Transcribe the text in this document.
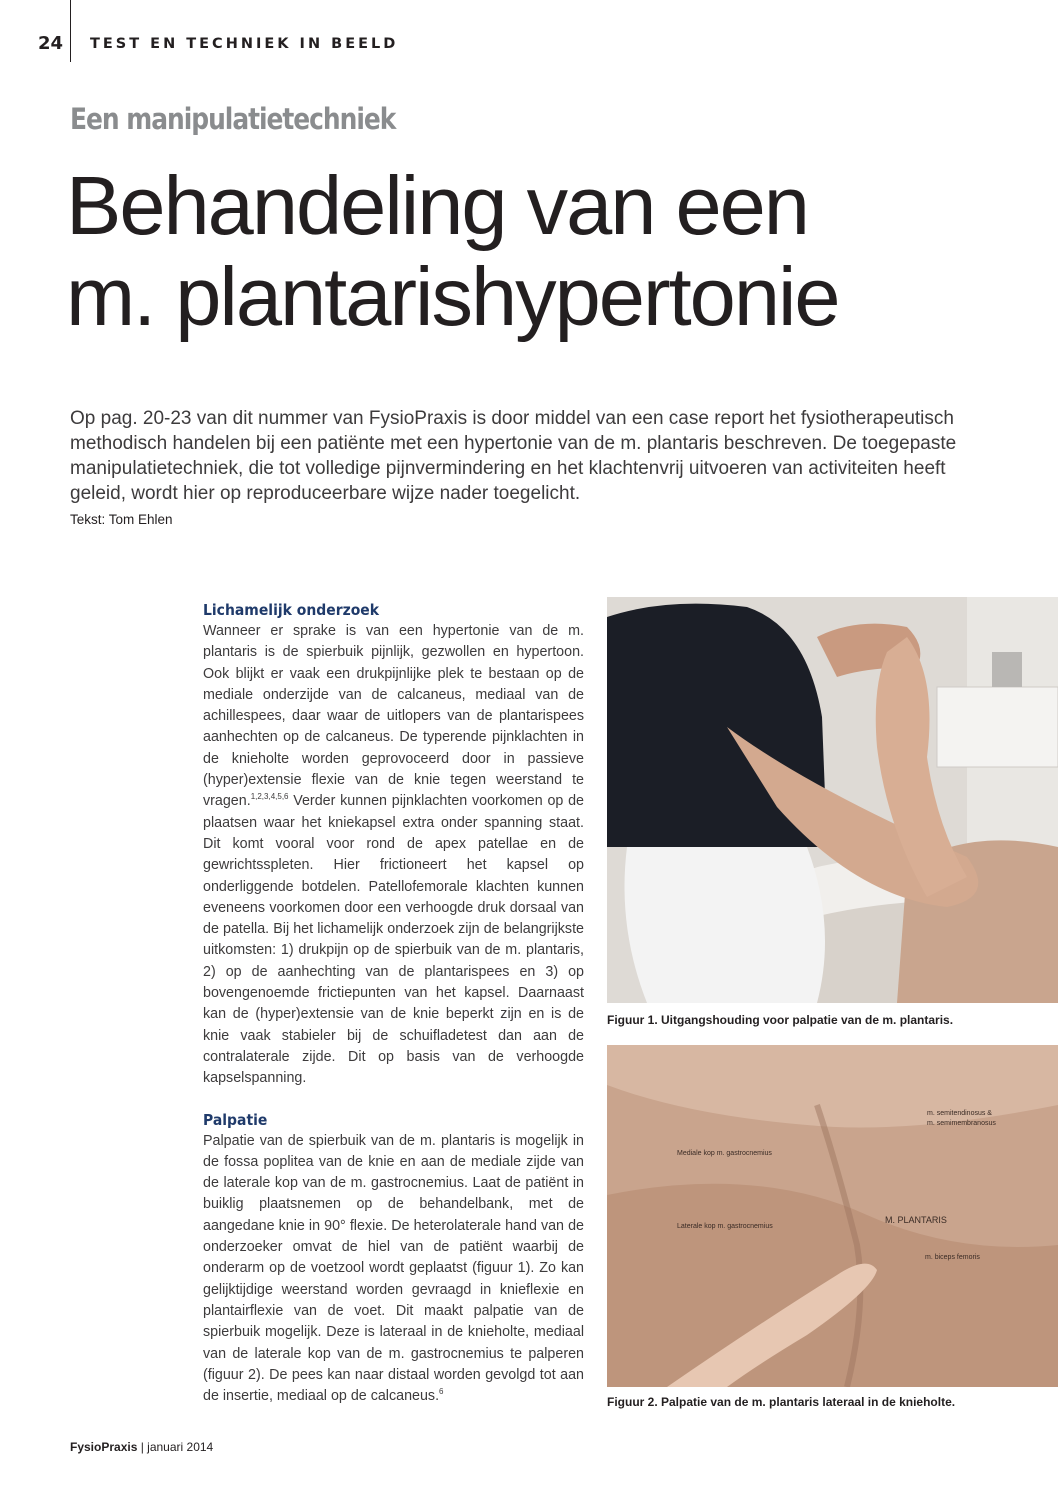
24 TEST EN TECHNIEK IN BEELD
Een manipulatietechniek
Behandeling van een
m. plantarishypertonie

Op pag. 20-23 van dit nummer van FysioPraxis is door middel van een case report het fysiotherapeutisch methodisch handelen bij een patiënte met een hypertonie van de m. plantaris beschreven. De toegepaste manipulatietechniek, die tot volledige pijnvermindering en het klachtenvrij uitvoeren van activiteiten heeft geleid, wordt hier op reproduceerbare wijze nader toegelicht.

Tekst: Tom Ehlen
Lichamelijk onderzoek

Wanneer er sprake is van een hypertonie van de m. plantaris is de spierbuik pijnlijk, gezwollen en hypertoon. Ook blijkt er vaak een drukpijnlijke plek te bestaan op de mediale onderzijde van de calcaneus, mediaal van de achillespees, daar waar de uitlopers van de plantarispees aanhechten op de calcaneus. De typerende pijnklachten in de knieholte worden geprovoceerd door in passieve (hyper)extensie flexie van de knie tegen weerstand te vragen.$^{1,2,3,4,5,6}$ Verder kunnen pijnklachten voorkomen op de plaatsen waar het kniekapsel extra onder spanning staat. Dit komt vooral voor rond de apex patellae en de gewrichtsspleten. Hier frictioneert het kapsel op onderliggende botdelen. Patellofemorale klachten kunnen eveneens voorkomen door een verhoogde druk dorsaal van de patella. Bij het lichamelijk onderzoek zijn de belangrijkste uitkomsten: 1) drukpijn op de spierbuik van de m. plantaris, 2) op de aanhechting van de plantarispees en 3) op bovengenoemde frictiepunten van het kapsel. Daarnaast kan de (hyper)extensie van de knie beperkt zijn en is de knie vaak stabieler bij de schuifladetest dan aan de contralaterale zijde. Dit op basis van de verhoogde kapselspanning.

Palpatie

Palpatie van de spierbuik van de m. plantaris is mogelijk in de fossa poplitea van de knie en aan de mediale zijde van de laterale kop van de m. gastrocnemius. Laat de patiënt in buiklig plaatsnemen op de behandelbank, met de aangedane knie in 90° flexie. De heterolaterale hand van de onderzoeker omvat de hiel van de patiënt waarbij de onderarm op de voetzool wordt geplaatst (figuur 1). Zo kan gelijktijdige weerstand worden gevraagd in knieflexie en plantairflexie van de voet. Dit maakt palpatie van de spierbuik mogelijk. Deze is lateraal in de knieholte, mediaal van de laterale kop van de m. gastrocnemius te palperen (figuur 2). De pees kan naar distaal worden gevolgd tot aan de insertie, mediaal op de calcaneus.$^6$

Figuur 1. Uitgangshouding voor palpatie van de m. plantaris.
m. semitendinosus &
m. semimembranosus
Mediale kop m. gastrocnemius
Laterale kop m. gastrocnemius
M. PLANTARIS
m. biceps femoris
Figuur 2. Palpatie van de m. plantaris lateraal in de knieholte.
FysioPraxis | januari 2014
